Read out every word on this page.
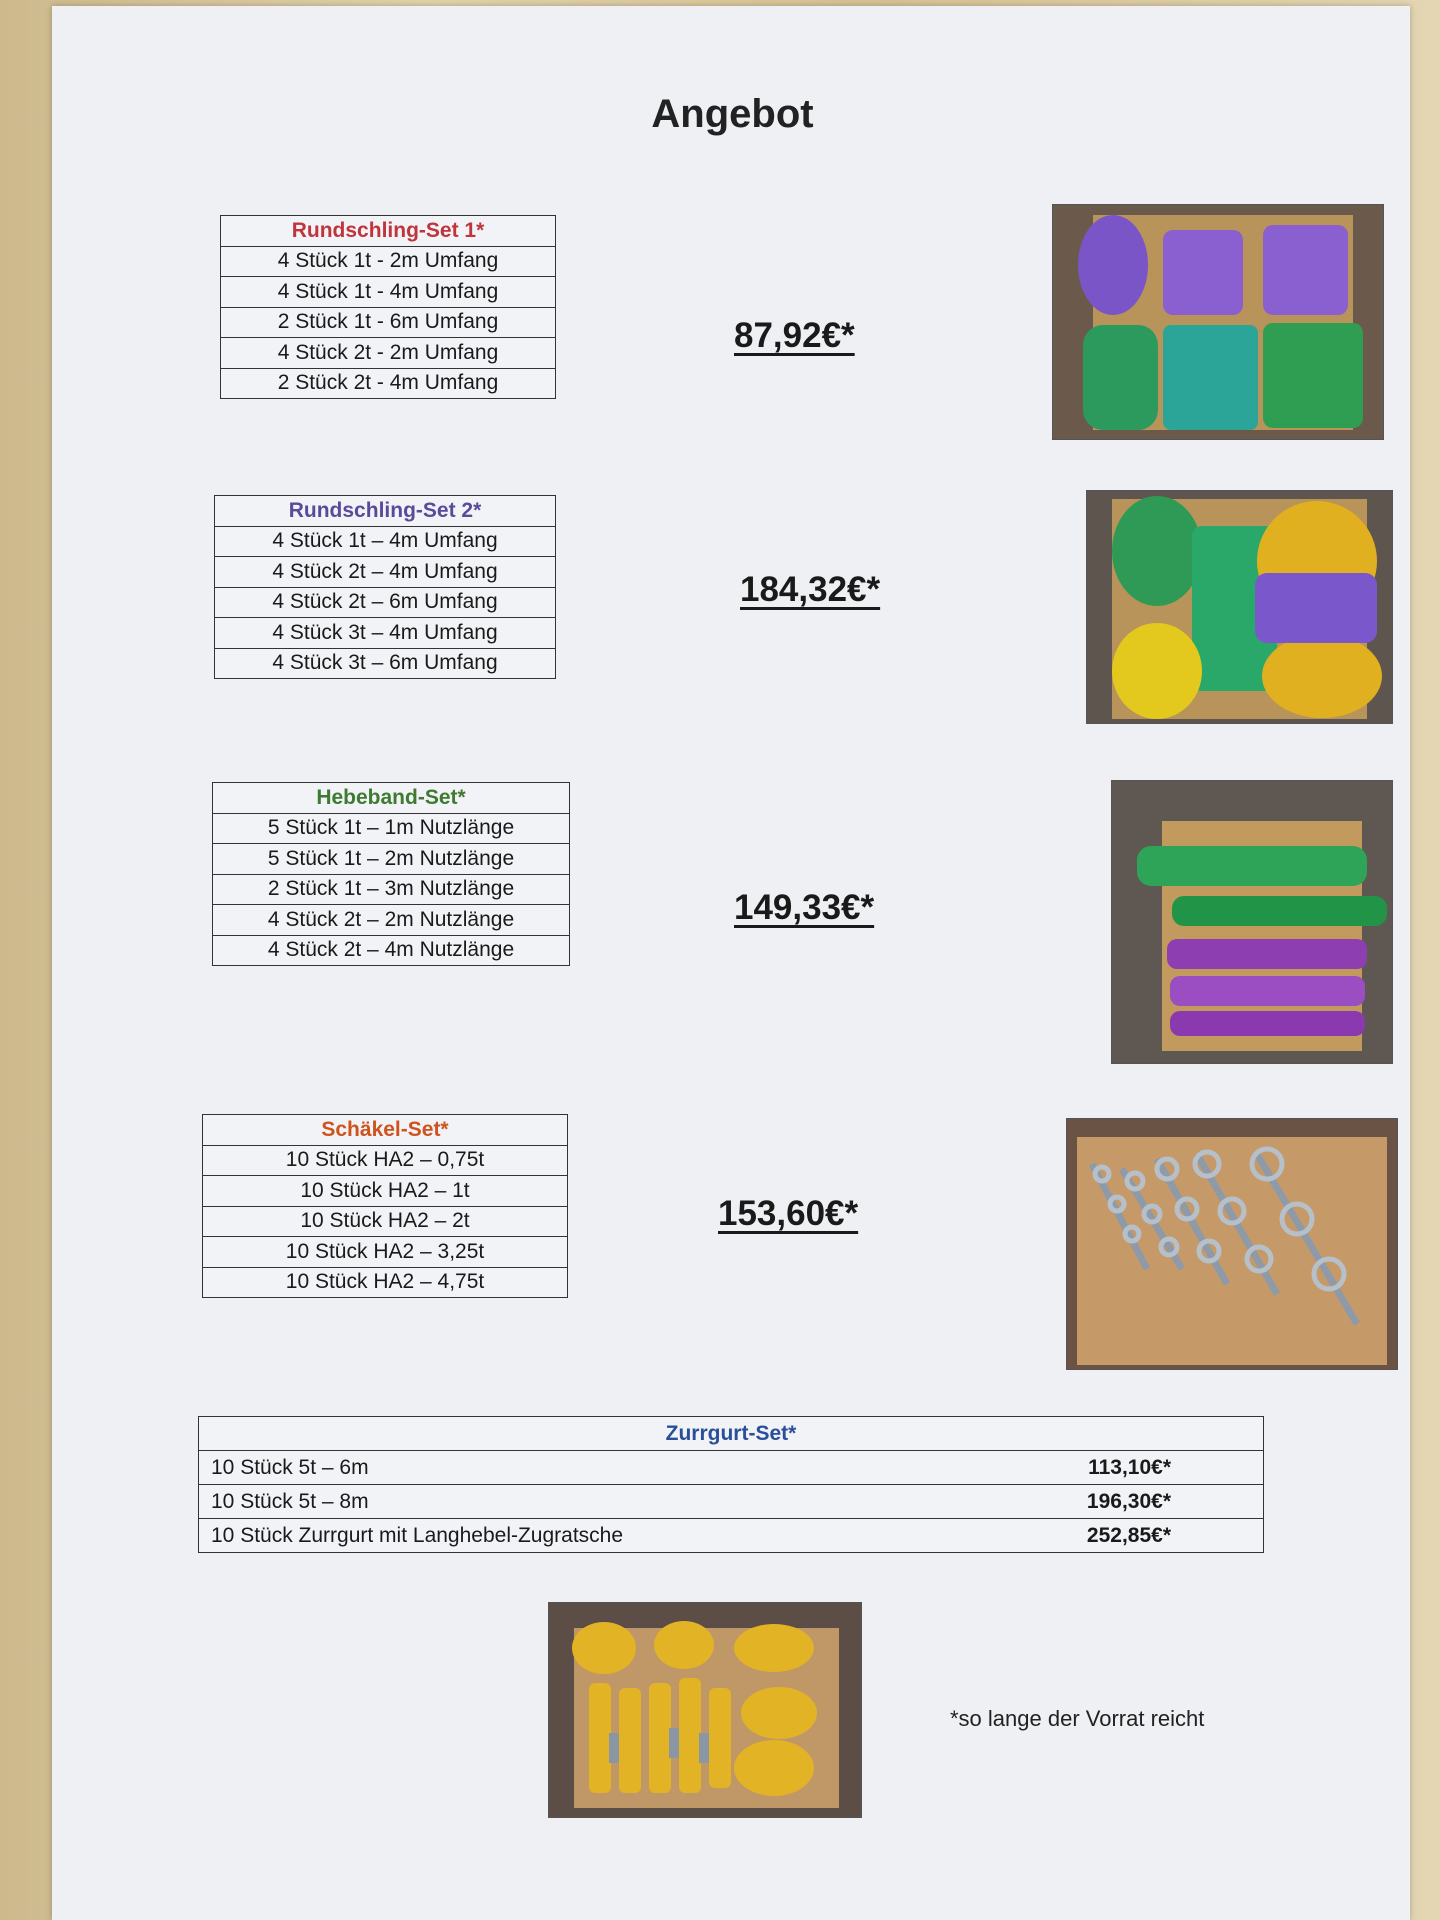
Angebot
Rundschling-Set 1*
4 Stück 1t - 2m Umfang
4 Stück 1t - 4m Umfang
2 Stück 1t - 6m Umfang
4 Stück 2t - 2m Umfang
2 Stück 2t - 4m Umfang
87,92€*
Rundschling-Set 2*
4 Stück 1t – 4m Umfang
4 Stück 2t – 4m Umfang
4 Stück 2t – 6m Umfang
4 Stück 3t – 4m Umfang
4 Stück 3t – 6m Umfang
184,32€*
Hebeband-Set*
5 Stück 1t – 1m Nutzlänge
5 Stück 1t – 2m Nutzlänge
2 Stück 1t – 3m Nutzlänge
4 Stück 2t – 2m Nutzlänge
4 Stück 2t – 4m Nutzlänge
149,33€*
Schäkel-Set*
10 Stück HA2 – 0,75t
10 Stück HA2 – 1t
10 Stück HA2 – 2t
10 Stück HA2 – 3,25t
10 Stück HA2 – 4,75t
153,60€*
Zurrgurt-Set*	
10 Stück 5t – 6m	113,10€*
10 Stück 5t – 8m	196,30€*
10 Stück Zurrgurt mit Langhebel-Zugratsche	252,85€*
*so lange der Vorrat reicht
